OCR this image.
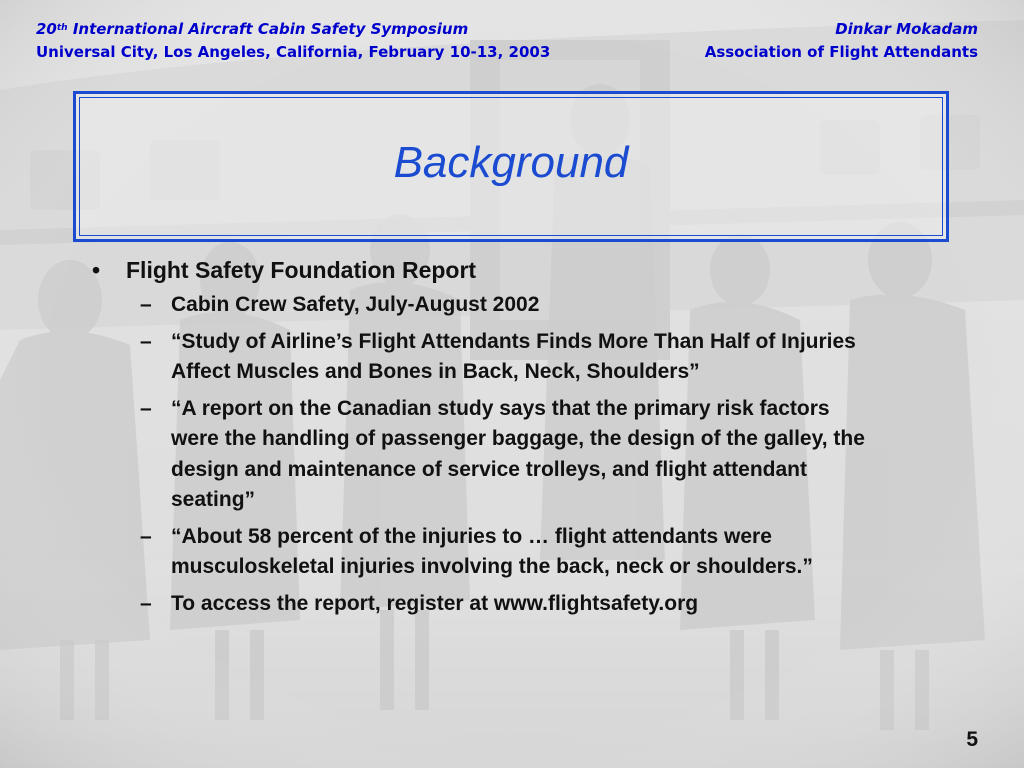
20th International Aircraft Cabin Safety Symposium
Universal City, Los Angeles, California, February 10-13, 2003
Dinkar Mokadam
Association of Flight Attendants
Background
• Flight Safety Foundation Report
– Cabin Crew Safety, July-August 2002
– “Study of Airline’s Flight Attendants Finds More Than Half of Injuries Affect Muscles and Bones in Back, Neck, Shoulders”
– “A report on the Canadian study says that the primary risk factors were the handling of passenger baggage, the design of the galley, the design and maintenance of service trolleys, and flight attendant seating”
– “About 58 percent of the injuries to … flight attendants were musculoskeletal injuries involving the back, neck or shoulders.”
– To access the report, register at www.flightsafety.org
5
